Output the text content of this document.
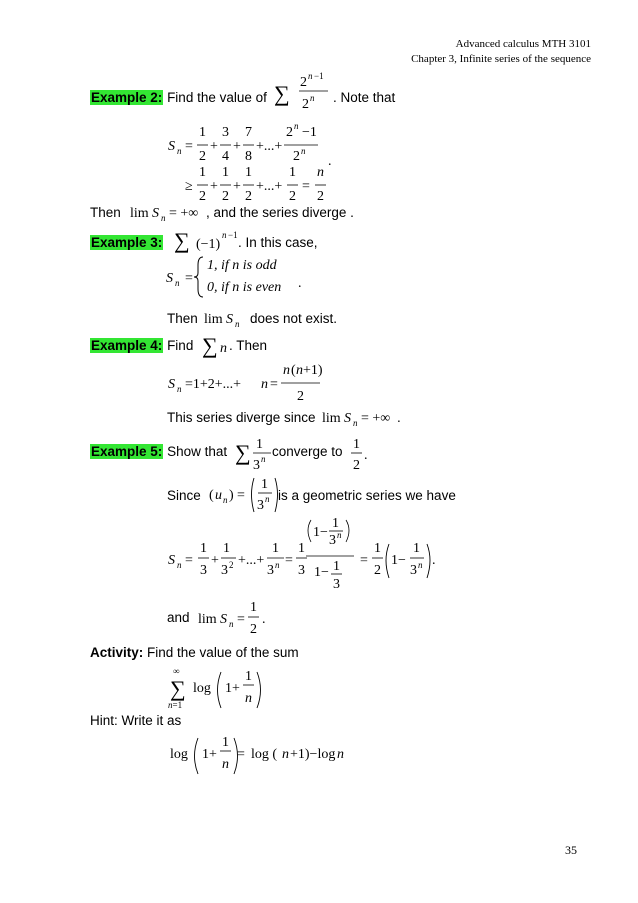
Advanced calculus MTH 3101
Chapter 3, Infinite series of the sequence
Example 2: Find the value of ∑ 2 n −1
2 n . Note that
S n =
1
2
+
3
4
+
7
8
+...+
2 n −1
2 n
.
≥
1
2
+
1
2
+
1
2
+...+
1
2
=
n
2
Then lim S n = +∞ , and the series diverge .
Example 3: ∑ (−1)
n −1 . In this case,
S n =
1, if n is odd
0, if n is even .
Then lim S n does not exist.
Example 4: Find ∑ n . Then
S n =1+2+...+ n =
n ( n +1)
2
This series diverge since lim S n = +∞ .
Example 5: Show that ∑ 1
3 n converge to 1
2
.
Since ( u n ) =
1
3 n is a geometric series we have
S n =
1
3
+
1
3 2 +...+
1
3 n =
1
3
1−
1
3 n
1− 1
3
=
1
2
1−
1
3 n .
and lim S n =
1
2
.
Activity: Find the value of the sum
∞
∑
n=1
log 1+
1
n
Hint: Write it as
log 1+
1
n
= log ( n +1)−log n
35
